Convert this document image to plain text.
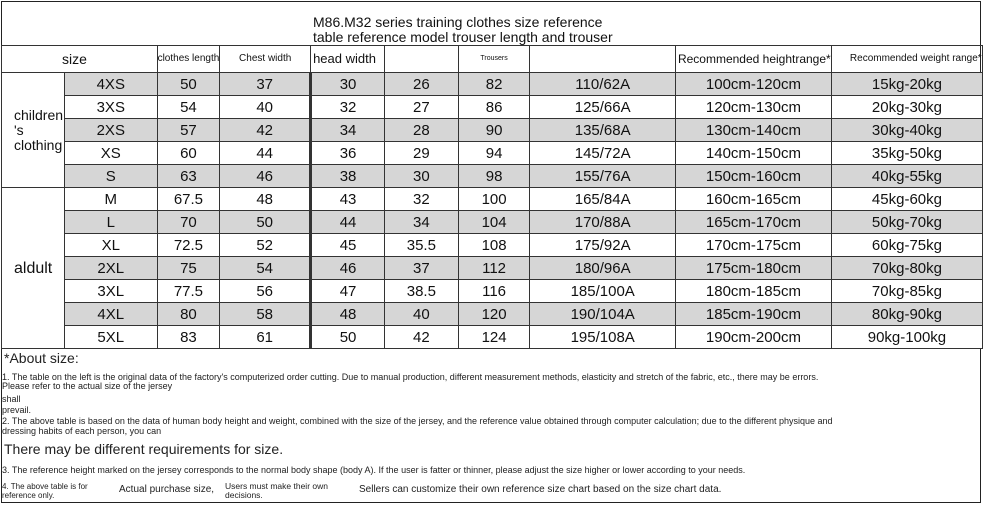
M86.M32 series training clothes size reference
table reference model trouser length and trouser
size		clothes length	Chest width	head width		Trousers		Recommended heightrange*	Recommended weight range*
children 's clothing	4XS	50	37	30	26	82	110/62A	100cm-120cm	15kg-20kg
	3XS	54	40	32	27	86	125/66A	120cm-130cm	20kg-30kg
	2XS	57	42	34	28	90	135/68A	130cm-140cm	30kg-40kg
	XS	60	44	36	29	94	145/72A	140cm-150cm	35kg-50kg
	S	63	46	38	30	98	155/76A	150cm-160cm	40kg-55kg
aldult	M	67.5	48	43	32	100	165/84A	160cm-165cm	45kg-60kg
	L	70	50	44	34	104	170/88A	165cm-170cm	50kg-70kg
	XL	72.5	52	45	35.5	108	175/92A	170cm-175cm	60kg-75kg
	2XL	75	54	46	37	112	180/96A	175cm-180cm	70kg-80kg
	3XL	77.5	56	47	38.5	116	185/100A	180cm-185cm	70kg-85kg
	4XL	80	58	48	40	120	190/104A	185cm-190cm	80kg-90kg
	5XL	83	61	50	42	124	195/108A	190cm-200cm	90kg-100kg
*About size:
1. The table on the left is the original data of the factory's computerized order cutting. Due to manual production, different measurement methods, elasticity and stretch of the fabric, etc., there may be errors.
Please refer to the actual size of the jersey
shall
prevail.
2. The above table is based on the data of human body height and weight, combined with the size of the jersey, and the reference value obtained through computer calculation; due to the different physique and
dressing habits of each person, you can
There may be different requirements for size.
3. The reference height marked on the jersey corresponds to the normal body shape (body A). If the user is fatter or thinner, please adjust the size higher or lower according to your needs.
4. The above table is for reference only.
Actual purchase size, Users must make their own decisions.	Sellers can customize their own reference size chart based on the size chart data.
